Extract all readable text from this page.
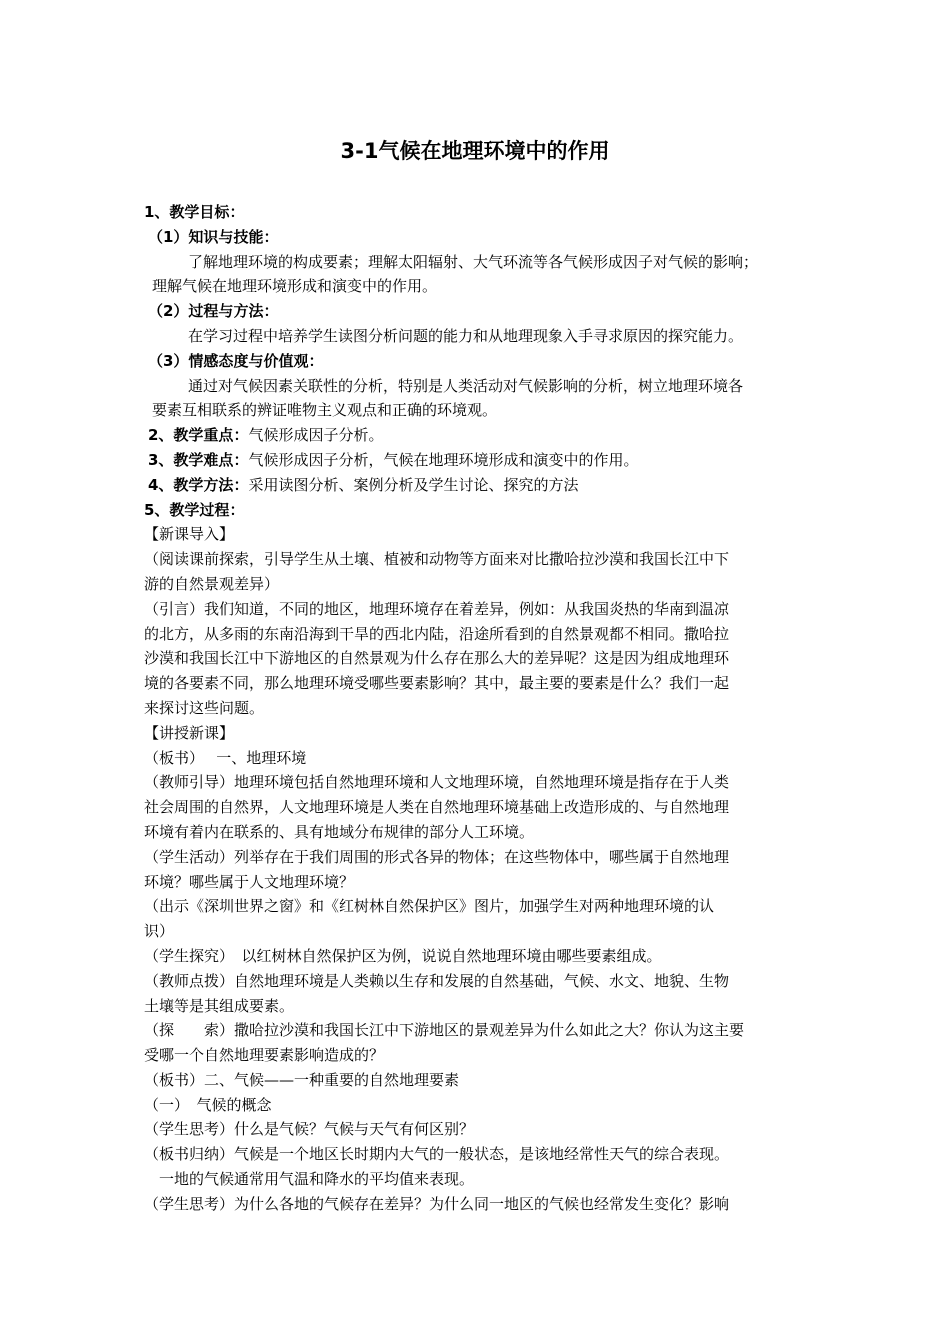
3-1气候在地理环境中的作用
1、教学目标：
（1）知识与技能：
了解地理环境的构成要素；理解太阳辐射、大气环流等各气候形成因子对气候的影响；
理解气候在地理环境形成和演变中的作用。
（2）过程与方法：
在学习过程中培养学生读图分析问题的能力和从地理现象入手寻求原因的探究能力。
（3）情感态度与价值观：
通过对气候因素关联性的分析，特别是人类活动对气候影响的分析，树立地理环境各
要素互相联系的辨证唯物主义观点和正确的环境观。
2、教学重点：气候形成因子分析。
3、教学难点：气候形成因子分析，气候在地理环境形成和演变中的作用。
4、教学方法：采用读图分析、案例分析及学生讨论、探究的方法
5、教学过程：
【新课导入】
（阅读课前探索，引导学生从土壤、植被和动物等方面来对比撒哈拉沙漠和我国长江中下
游的自然景观差异）
（引言）我们知道，不同的地区，地理环境存在着差异，例如：从我国炎热的华南到温凉
的北方，从多雨的东南沿海到干旱的西北内陆，沿途所看到的自然景观都不相同。撒哈拉
沙漠和我国长江中下游地区的自然景观为什么存在那么大的差异呢？这是因为组成地理环
境的各要素不同，那么地理环境受哪些要素影响？其中，最主要的要素是什么？我们一起
来探讨这些问题。
【讲授新课】
（板书）　 一、地理环境
（教师引导）地理环境包括自然地理环境和人文地理环境，自然地理环境是指存在于人类
社会周围的自然界，人文地理环境是人类在自然地理环境基础上改造形成的、与自然地理
环境有着内在联系的、具有地域分布规律的部分人工环境。
（学生活动）列举存在于我们周围的形式各异的物体；在这些物体中，哪些属于自然地理
环境？哪些属于人文地理环境？
（出示《深圳世界之窗》和《红树林自然保护区》图片，加强学生对两种地理环境的认
识）
（学生探究）　以红树林自然保护区为例，说说自然地理环境由哪些要素组成。
（教师点拨）自然地理环境是人类赖以生存和发展的自然基础，气候、水文、地貌、生物
土壤等是其组成要素。
（探　　索）撒哈拉沙漠和我国长江中下游地区的景观差异为什么如此之大？你认为这主要
受哪一个自然地理要素影响造成的？
（板书）二、气候——一种重要的自然地理要素
（一）　气候的概念
（学生思考）什么是气候？气候与天气有何区别？
（板书归纳）气候是一个地区长时期内大气的一般状态，是该地经常性天气的综合表现。
　一地的气候通常用气温和降水的平均值来表现。
（学生思考）为什么各地的气候存在差异？为什么同一地区的气候也经常发生变化？影响
